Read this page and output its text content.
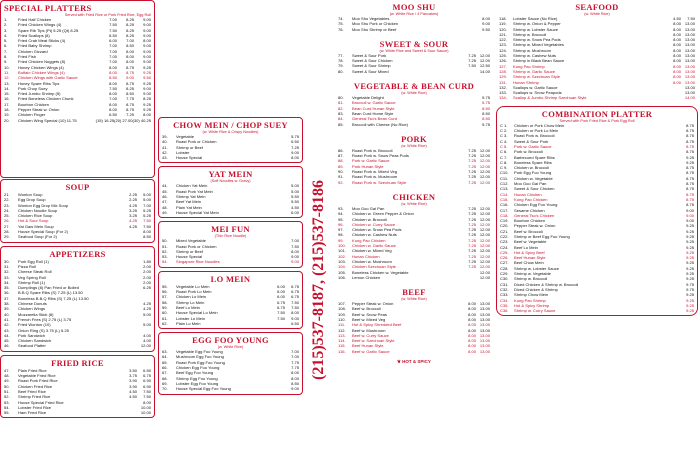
SPECIAL PLATTERS
Served with Fried Rice or Pork Fried Rice, Egg Roll
1.	Fried Half Chicken	7.00	8.25	9.00
2.	Fried Chicken Wings (4)	7.50	8.25	9.00
3.	Spare Rib Tips (Pt) 5.25 (Qt) 8.25	7.50	8.25	9.00
4.	Fried Scallops (8)	6.50	8.25	9.00
5.	Fried Crab Meat Sticks (4)	6.00	7.00	8.00
6.	Fried Baby Shrimp	7.00	8.50	9.00
7.	Chicken Gizzard	7.00	8.00	9.00
8.	Fried Fish	7.00	8.00	9.00
9.	Fried Chicken Nuggets (8)	7.00	8.00	9.00
10.	Honey Chicken Wings (4)	8.00	8.75	9.25
11.	Buffalo Chicken Wings (4)	8.00	8.75	9.25
12.	Chicken Wings with Garlic Sauce	8.50	9.00	9.50
13.	Honey Spare Ribs Tips	8.00	8.75	9.25
14.	Pork Chop Suey	7.50	8.25	9.00
15.	Fried Jumbo Shrimp (5)	8.00	8.50	9.00
16.	Fried Boneless Chicken Chunk	7.00	7.75	8.25
17.	Bourbon Chicken	8.00	8.75	9.25
18.	Pepper Steak w. Onion	8.00	8.75	9.25
19.	Chicken Finger	6.50	7.25	8.00
20.	Chicken Wing Special (10) 11.75	(15) 16.25 (20) 27.00 (30) 40.25
SOUP
21.	Wonton Soup	2.25	5.00
22.	Egg Drop Soup	2.25	5.00
23.	Wonton Egg Drop Mix Soup	4.25	7.00
24.	Chicken Noodle Soup	3.25	5.25
25.	Chicken Rice Soup	3.25	5.25
26.	Hot & Sour Soup	4.25	7.50
27.	Yat Gaw Mein Soup	4.25	7.50
28.	House Special Soup (For 2)	8.00
29.	Seafood Soup (For 2)	8.50
APPETIZERS
30.	Pork Egg Roll (1)	1.80
31.	Pizza Roll	2.00
32.	Cheese Steak Roll	2.00
33.	Veg Spring Roll	2.00
34.	Shrimp Roll (1)	2.00
35.	Dumplings (8) Pan Fried or Boiled	6.25
36.	B.B.Q Spare Ribs (S) 7.25 (L) 13.50
37.	Boneless B.B.Q Ribs (S) 7.25 (L) 13.50
38.	Chinese Donuts	4.25
39.	Chicken Wings	4.25
40.	Mozzarella Stick (8)	5.00
41.	French Fries (S) 2.75 (L) 3.75
42.	Fried Wonton (10)	5.00
43.	Onion Ring (S) 3.75 (L) 5.25
44.	Pork Sandwich	4.00
45.	Chicken Sandwich	4.00
46.	Seafood Platter	12.00
FRIED RICE
47.	Plain Fried Rice	3.50	6.50
48.	Vegetable Fried Rice	3.75	6.75
49.	Roast Pork Fried Rice	3.90	6.90
50.	Chicken Fried Rice	3.90	6.90
51.	Beef Fried Rice	4.50	7.50
52.	Shrimp Fried Rice	4.50	7.50
53.	House Special Fried Rice	8.00
54.	Lobster Fried Rice	10.00
55.	Ham Fried Rice	10.00
CHOW MEIN / CHOP SUEY
(w. White Rice & Crispy Noodles)
39.	Vegetable	5.75
40.	Roast Pork or Chicken	6.50
41.	Shrimp or Beef	7.25
42.	Lobster	9.00
43.	House Special	8.00
YAT MEIN
(Soft Noodles w. Gravy)
44.	Chicken Yat Mein	5.00
45.	Roast Pork Yat Mein	5.00
46.	Shrimp Yat Mein	5.50
47.	Beef Yat Mein	5.50
48.	Plain Yat Mein	4.50
49.	House Special Yat Mein	6.00
MEI FUN
(Thin Rice Noodle)
50.	Mixed Vegetable	7.00
51.	Roast Pork or Chicken	7.50
52.	Shrimp or Beef	8.00
53.	House Special	9.00
54.	Singapore Rice Noodles	9.00
LO MEIN
55.	Vegetable Lo Mein	6.00	6.75
56.	Roast Pork Lo Mein	6.00	6.75
57.	Chicken Lo Mein	6.00	6.75
58.	Shrimp Lo Mein	6.75	7.50
59.	Beef Lo Mein	6.75	7.50
60.	House Special Lo Mein	7.50	8.00
61.	Lobster Lo Mein	7.50	9.00
62.	Plain Lo Mein	6.50
EGG FOO YOUNG
(w. White Rice)
63.	Vegetable Egg Foo Young	7.00
64.	Mushroom Egg Foo Young	7.00
65.	Roast Pork Egg Foo Young	7.75
66.	Chicken Egg Foo Young	7.75
67.	Beef Egg Foo Young	8.00
68.	Shrimp Egg Foo Young	8.00
69.	Lobster Egg Foo Young	8.50
70.	House Special Egg Foo Young	9.00
(215)537-8187, (215)537-8186
MOO SHU
(w. White Rice / 4 Pancakes)
74.	Moo Shu Vegetables	8.00
75.	Moo Shu Pork or Chicken	9.00
76.	Moo Shu Shrimp or Beef	9.50
SWEET & SOUR
(w. White Rice and Sweet & Sour Sauce)
77.	Sweet & Sour Pork	7.25 12.00
78.	Sweet & Sour Chicken	7.25 12.00
79.	Sweet & Sour Shrimp	7.50 12.50
80.	Sweet & Sour Mixed	14.00
VEGETABLE & BEAN CURD
(w. White Rice)
80.	Vegetable Delight	5.75
81.	Broccoli w. Garlic Sauce	5.75
82.	Bean Curd Hunan Style	8.50
83.	Bean Curd Home Style	8.50
84.	General Tso's Bean Curd	8.50
85.	Broccoli with Cheese (No Rice)	5.75
PORK
(w. White Rice)
86.	Roast Pork w. Broccoli	7.25 12.00
87.	Roast Pork w. Snow Peas Pods	7.25 12.00
88.	Pork w. Garlic Sauce	7.25 12.00
89.	Pork Hunan Style	7.25 12.00
90.	Roast Pork w. Mixed Veg	7.25 12.00
91.	Roast Pork w. Mushroom	7.25 12.00
92.	Roast Pork w. Szechuan Style	7.25 12.00
CHICKEN
(w. White Rice)
93.	Moo Goo Gai Pan	7.25 12.00
94.	Chicken w. Green Pepper & Onion	7.25 12.00
95.	Chicken w. Broccoli	7.25 12.00
96.	Chicken w. Curry Sauce	7.25 12.00
97.	Chicken w. Snow Pea Pods	7.25 12.00
98.	Chicken w. Cashew Nuts	7.25 12.00
99.	Kung Pao Chicken	7.25 12.00
100.	Chicken w. Garlic Sauce	7.25 12.00
101.	Chicken w. Mixed Veg	7.25 12.00
102.	Hunan Chicken	7.25 12.00
103.	Chicken w. Mushroom	7.25 12.00
104.	Chicken Szechuan Style	7.25 12.00
105.	Boneless Chicken w. Vegetable	12.00
106.	Lemon Chicken	12.00
BEEF
(w. White Rice)
107.	Pepper Steak w. Onion	8.00 13.00
108.	Beef w. Broccoli	8.00 13.00
109.	Beef w. Snow Peas	8.00 13.00
110.	Beef w. Mixed Veg	8.00 13.00
111.	Hot & Spicy Shredded Beef	8.00 13.00
112.	Beef w. Mushroom	8.00 13.00
113.	Beef w. Curry Sauce	8.00 13.00
114.	Beef w. Szechuan Style	8.00 13.00
115.	Beef Hunan Style	8.00 13.00
116.	Beef w. Garlic Sauce	8.00 13.00
❦ HOT & SPICY
SEAFOOD
(w. White Rice)
118.	Lobster Sauce (No Rice)	4.50	7.50
119.	Shrimp w. Onion & Pepper	8.00 13.00
120.	Shrimp w. Lobster Sauce	8.00 13.00
121.	Shrimp w. Broccoli	8.00 13.00
122.	Shrimp w. Snow Pea Pods	8.00 13.00
123.	Shrimp w. Mixed Vegetables	8.00 13.00
124.	Shrimp w. Mushroom	8.00 13.00
125.	Shrimp w. Cashew Nuts	8.00 13.00
126.	Shrimp in Black Bean Sauce	8.00 13.00
127.	Kung Pao Shrimp	8.00 13.00
128.	Shrimp w. Garlic Sauce	8.00 13.00
129.	Shrimp w. Szechuan Style	8.00 13.00
131.	Hunan Shrimp	8.00 13.00
132.	Scallops w. Garlic Sauce	13.00
133.	Scallops w. Snow Peapods	13.00
134.	Scallop & Jumbo Shrimp Szechuan Style	14.00
COMBINATION PLATTER
Served with Pork Fried Rice & Pork Egg Roll
C 1.	Chicken or Pork Chow Mein	8.75
C 2.	Chicken or Pork Lo Mein	8.75
C 3.	Roast Pork w. Broccoli	8.75
C 4.	Sweet & Sour Pork	8.75
C 5.	Pork w. Garlic Sauce	8.75
C 6.	Pork w. Broccoli	8.75
C 7.	Barbecued Spare Ribs	9.25
C 8.	Boneless Spare Ribs	9.25
C 9.	Chicken w. Broccoli	8.75
C10.	Pork Egg Foo Young	8.75
C11.	Chicken w. Vegetable	8.75
C12.	Moo Goo Gai Pan	8.75
C13.	Sweet & Sour Chicken	8.75
C14.	Hunan Chicken	8.75
C15.	Kung Pao Chicken	8.75
C16.	Chicken Egg Foo Young	8.75
C17.	Sesame Chicken	9.00
C18.	General Tso's Chicken	9.00
C19.	Bourbon Chicken	9.00
C20.	Pepper Steak w. Onion	9.25
C21.	Beef w. Broccoli	9.25
C22.	Shrimp or Beef Egg Foo Young	9.25
C23.	Beef w. Vegetable	9.25
C24.	Beef Lo Mein	9.25
C25.	Hot & Spicy Beef	9.25
C26.	Beef Hunan Style	9.25
C27.	Beef Chow Mein	9.25
C28.	Shrimp w. Lobster Sauce	9.25
C29.	Shrimp w. Vegetable	9.25
C30.	Shrimp w. Broccoli	9.25
C31.	Diced Chicken & Shrimp w. Broccoli	9.75
C32.	Diced Chicken & Shrimp	9.75
C33.	Shrimp Chow Mein	9.25
C34.	Kung Pao Shrimp	9.25
C35.	Hot & Spicy Shrimp	9.25
C36.	Shrimp w. Curry Sauce	9.25
